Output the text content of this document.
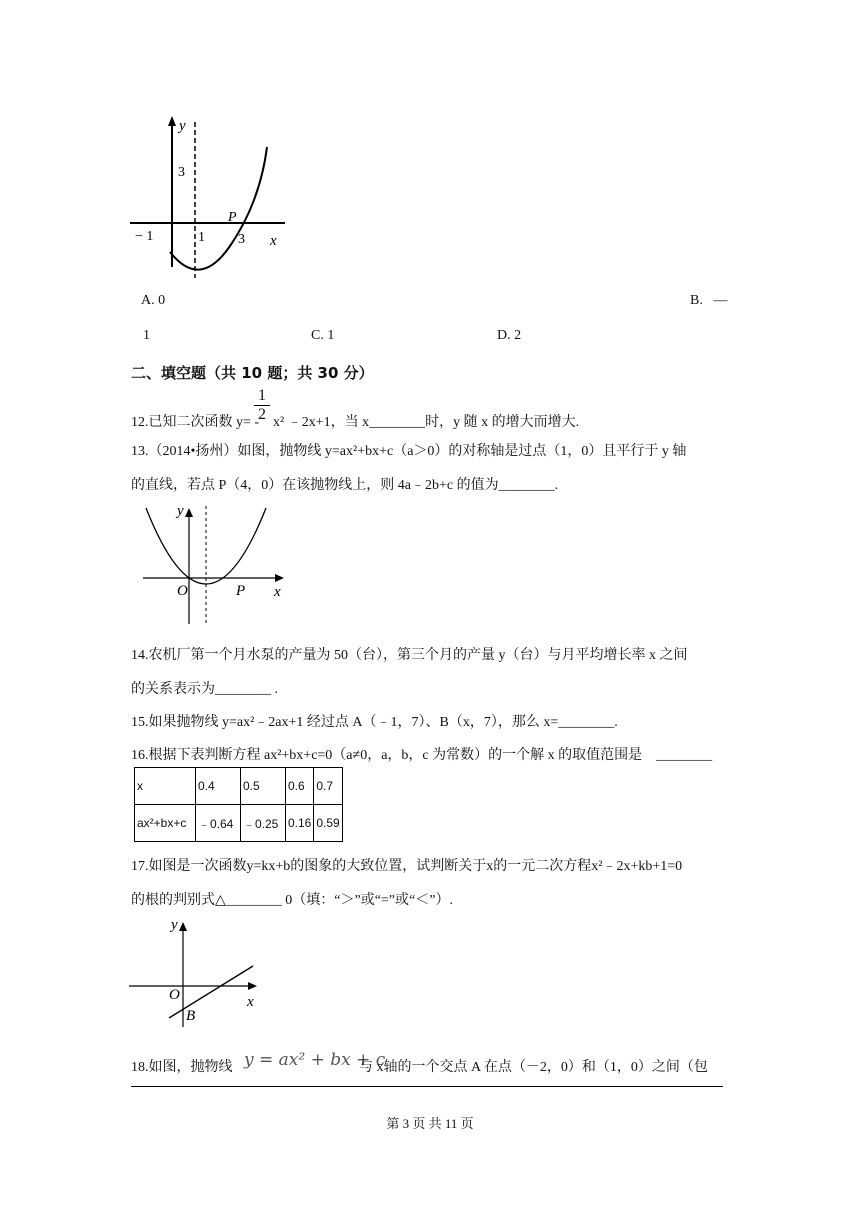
y
3
− 1	1 3 x
P
A. 0	B.   —
1	C. 1	D. 2
二、填空题（共 10 题；共 30 分）
12.已知二次函数 y= -
1
2 x² ﹣2x+1，当 x________时，y 随 x 的增大而增大.
13.（2014•扬州）如图，抛物线 y=ax²+bx+c（a＞0）的对称轴是过点（1，0）且平行于 y 轴
的直线，若点 P（4，0）在该抛物线上，则 4a﹣2b+c 的值为________.
y
O	P x
14.农机厂第一个月水泵的产量为 50（台），第三个月的产量 y（台）与月平均增长率 x 之间
的关系表示为________ .
15.如果抛物线 y=ax²﹣2ax+1 经过点 A（﹣1，7）、B（x，7），那么 x=________.
16.根据下表判断方程 ax²+bx+c=0（a≠0，a，b，c 为常数）的一个解 x 的取值范围是    ________
x	0.4	0.5	0.6	0.7
ax²+bx+c	﹣0.64	﹣0.25	0.16	0.59
17.如图是一次函数y=kx+b的图象的大致位置，试判断关于x的一元二次方程x²﹣2x+kb+1=0
的根的判别式△________ 0（填：“＞”或“=”或“＜”）.
y
O	x
B
18.如图，抛物线 y = ax² + bx + c
与 x轴的一个交点 A 在点（－2，0）和（1，0）之间（包
第 3 页 共 11 页
